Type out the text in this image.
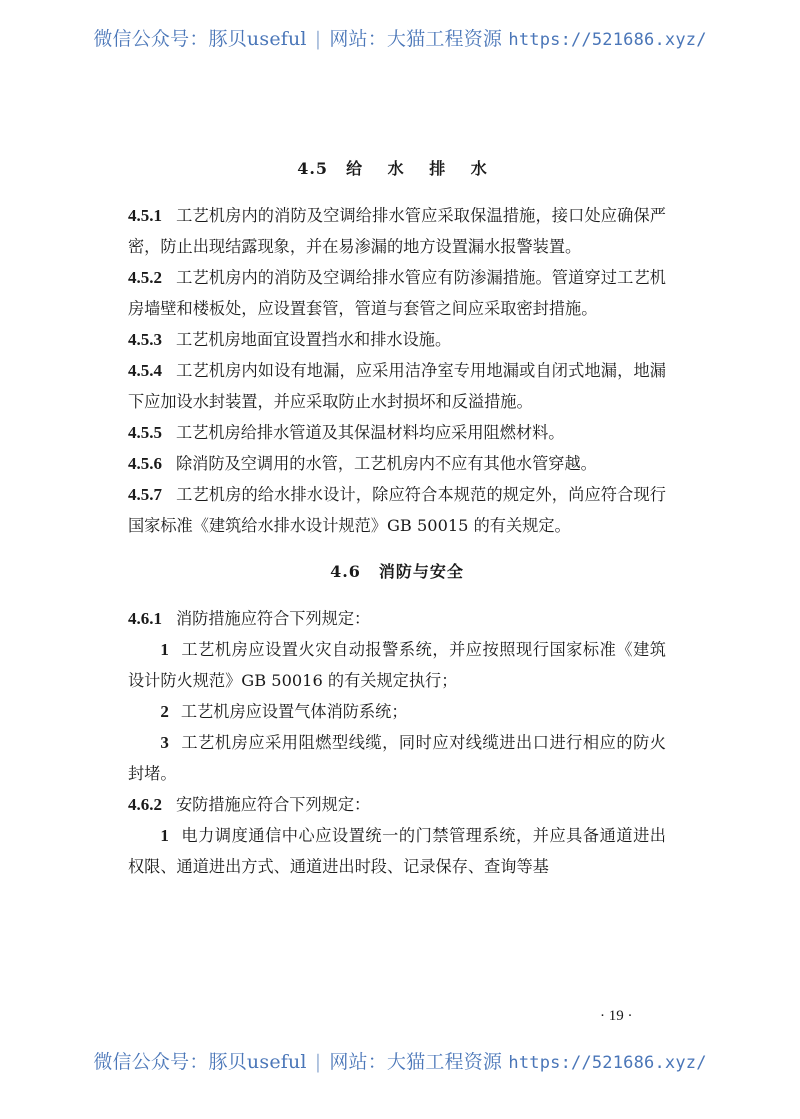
微信公众号：豚贝useful | 网站：大猫工程资源 https://521686.xyz/
4.5 给 水 排 水
4.5.1 工艺机房内的消防及空调给排水管应采取保温措施，接口处应确保严密，防止出现结露现象，并在易渗漏的地方设置漏水报警装置。
4.5.2 工艺机房内的消防及空调给排水管应有防渗漏措施。管道穿过工艺机房墙壁和楼板处，应设置套管，管道与套管之间应采取密封措施。
4.5.3 工艺机房地面宜设置挡水和排水设施。
4.5.4 工艺机房内如设有地漏，应采用洁净室专用地漏或自闭式地漏，地漏下应加设水封装置，并应采取防止水封损坏和反溢措施。
4.5.5 工艺机房给排水管道及其保温材料均应采用阻燃材料。
4.5.6 除消防及空调用的水管，工艺机房内不应有其他水管穿越。
4.5.7 工艺机房的给水排水设计，除应符合本规范的规定外，尚应符合现行国家标准《建筑给水排水设计规范》GB 50015 的有关规定。
4.6 消防与安全
4.6.1 消防措施应符合下列规定：
1 工艺机房应设置火灾自动报警系统，并应按照现行国家标准《建筑设计防火规范》GB 50016 的有关规定执行；
2 工艺机房应设置气体消防系统；
3 工艺机房应采用阻燃型线缆，同时应对线缆进出口进行相应的防火封堵。
4.6.2 安防措施应符合下列规定：
1 电力调度通信中心应设置统一的门禁管理系统，并应具备通道进出权限、通道进出方式、通道进出时段、记录保存、查询等基
· 19 ·
微信公众号：豚贝useful | 网站：大猫工程资源 https://521686.xyz/
